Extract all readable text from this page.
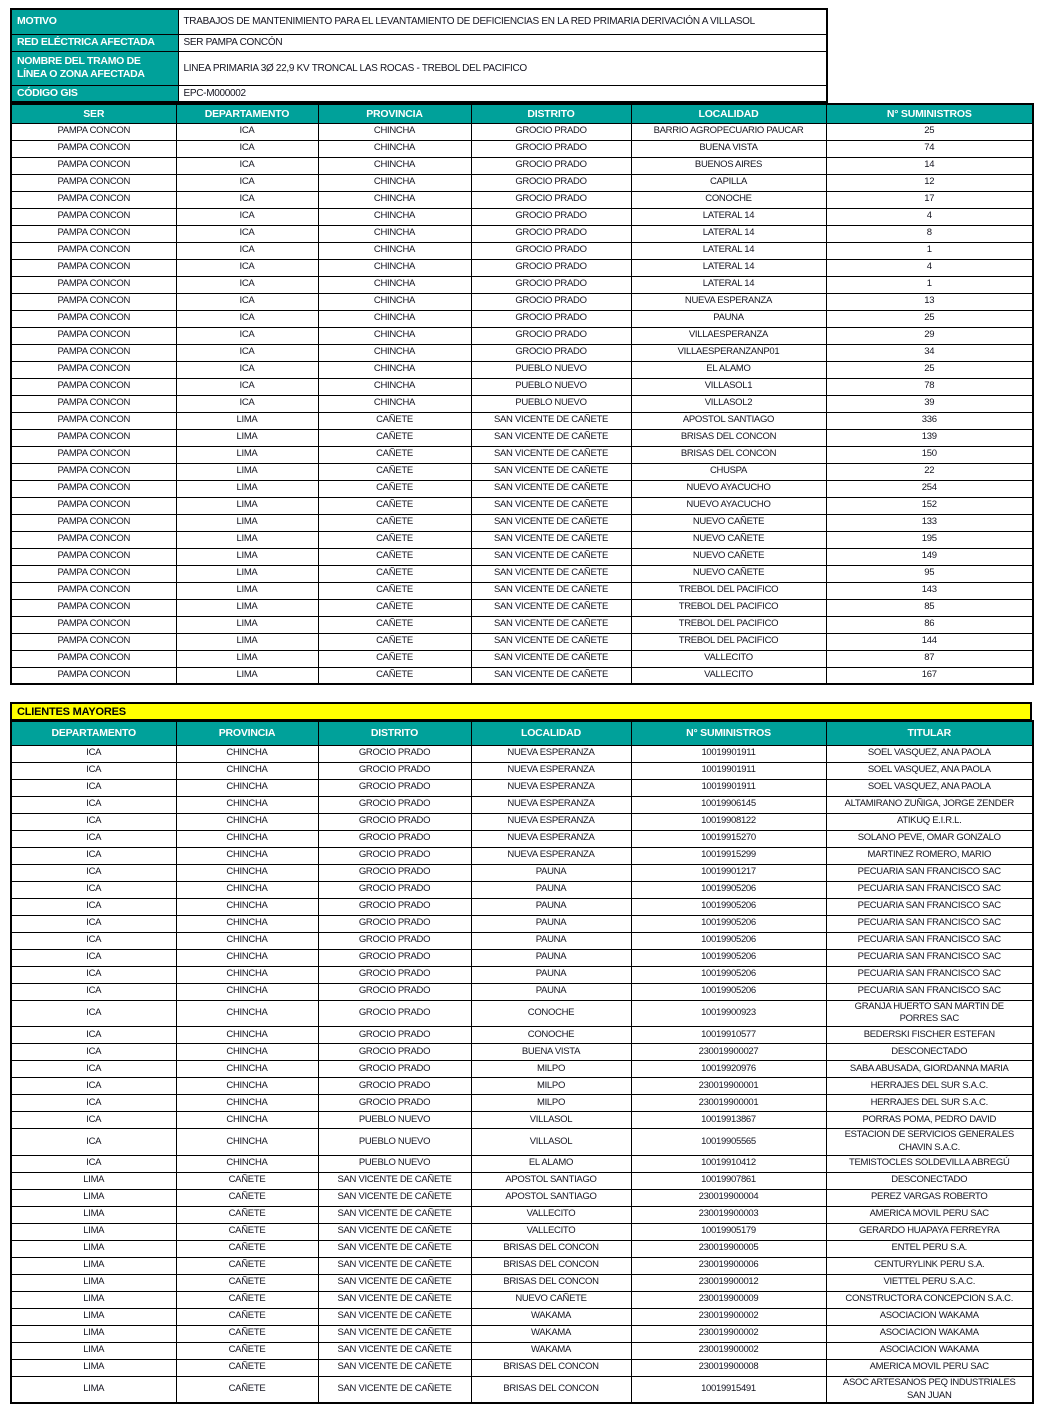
MOTIVO	TRABAJOS DE MANTENIMIENTO PARA EL LEVANTAMIENTO DE DEFICIENCIAS EN LA RED PRIMARIA DERIVACIÓN A VILLASOL
RED ELÉCTRICA AFECTADA	SER PAMPA CONCÓN
NOMBRE DEL TRAMO DE LÍNEA O ZONA AFECTADA	LINEA PRIMARIA 3Ø 22,9 KV TRONCAL LAS ROCAS - TREBOL DEL PACIFICO
CÓDIGO GIS	EPC-M000002
SER	DEPARTAMENTO	PROVINCIA	DISTRITO	LOCALIDAD	N° SUMINISTROS
PAMPA CONCON	ICA	CHINCHA	GROCIO PRADO	BARRIO AGROPECUARIO PAUCAR	25
PAMPA CONCON	ICA	CHINCHA	GROCIO PRADO	BUENA VISTA	74
PAMPA CONCON	ICA	CHINCHA	GROCIO PRADO	BUENOS AIRES	14
PAMPA CONCON	ICA	CHINCHA	GROCIO PRADO	CAPILLA	12
PAMPA CONCON	ICA	CHINCHA	GROCIO PRADO	CONOCHE	17
PAMPA CONCON	ICA	CHINCHA	GROCIO PRADO	LATERAL 14	4
PAMPA CONCON	ICA	CHINCHA	GROCIO PRADO	LATERAL 14	8
PAMPA CONCON	ICA	CHINCHA	GROCIO PRADO	LATERAL 14	1
PAMPA CONCON	ICA	CHINCHA	GROCIO PRADO	LATERAL 14	4
PAMPA CONCON	ICA	CHINCHA	GROCIO PRADO	LATERAL 14	1
PAMPA CONCON	ICA	CHINCHA	GROCIO PRADO	NUEVA ESPERANZA	13
PAMPA CONCON	ICA	CHINCHA	GROCIO PRADO	PAUNA	25
PAMPA CONCON	ICA	CHINCHA	GROCIO PRADO	VILLAESPERANZA	29
PAMPA CONCON	ICA	CHINCHA	GROCIO PRADO	VILLAESPERANZANP01	34
PAMPA CONCON	ICA	CHINCHA	PUEBLO NUEVO	EL ALAMO	25
PAMPA CONCON	ICA	CHINCHA	PUEBLO NUEVO	VILLASOL1	78
PAMPA CONCON	ICA	CHINCHA	PUEBLO NUEVO	VILLASOL2	39
PAMPA CONCON	LIMA	CAÑETE	SAN VICENTE DE CAÑETE	APOSTOL SANTIAGO	336
PAMPA CONCON	LIMA	CAÑETE	SAN VICENTE DE CAÑETE	BRISAS DEL CONCON	139
PAMPA CONCON	LIMA	CAÑETE	SAN VICENTE DE CAÑETE	BRISAS DEL CONCON	150
PAMPA CONCON	LIMA	CAÑETE	SAN VICENTE DE CAÑETE	CHUSPA	22
PAMPA CONCON	LIMA	CAÑETE	SAN VICENTE DE CAÑETE	NUEVO AYACUCHO	254
PAMPA CONCON	LIMA	CAÑETE	SAN VICENTE DE CAÑETE	NUEVO AYACUCHO	152
PAMPA CONCON	LIMA	CAÑETE	SAN VICENTE DE CAÑETE	NUEVO CAÑETE	133
PAMPA CONCON	LIMA	CAÑETE	SAN VICENTE DE CAÑETE	NUEVO CAÑETE	195
PAMPA CONCON	LIMA	CAÑETE	SAN VICENTE DE CAÑETE	NUEVO CAÑETE	149
PAMPA CONCON	LIMA	CAÑETE	SAN VICENTE DE CAÑETE	NUEVO CAÑETE	95
PAMPA CONCON	LIMA	CAÑETE	SAN VICENTE DE CAÑETE	TREBOL DEL PACIFICO	143
PAMPA CONCON	LIMA	CAÑETE	SAN VICENTE DE CAÑETE	TREBOL DEL PACIFICO	85
PAMPA CONCON	LIMA	CAÑETE	SAN VICENTE DE CAÑETE	TREBOL DEL PACIFICO	86
PAMPA CONCON	LIMA	CAÑETE	SAN VICENTE DE CAÑETE	TREBOL DEL PACIFICO	144
PAMPA CONCON	LIMA	CAÑETE	SAN VICENTE DE CAÑETE	VALLECITO	87
PAMPA CONCON	LIMA	CAÑETE	SAN VICENTE DE CAÑETE	VALLECITO	167
CLIENTES MAYORES
DEPARTAMENTO	PROVINCIA	DISTRITO	LOCALIDAD	N° SUMINISTROS	TITULAR
ICA	CHINCHA	GROCIO PRADO	NUEVA ESPERANZA	10019901911	SOEL VASQUEZ, ANA PAOLA
ICA	CHINCHA	GROCIO PRADO	NUEVA ESPERANZA	10019901911	SOEL VASQUEZ, ANA PAOLA
ICA	CHINCHA	GROCIO PRADO	NUEVA ESPERANZA	10019901911	SOEL VASQUEZ, ANA PAOLA
ICA	CHINCHA	GROCIO PRADO	NUEVA ESPERANZA	10019906145	ALTAMIRANO ZUÑIGA, JORGE ZENDER
ICA	CHINCHA	GROCIO PRADO	NUEVA ESPERANZA	10019908122	ATIKUQ E.I.R.L.
ICA	CHINCHA	GROCIO PRADO	NUEVA ESPERANZA	10019915270	SOLANO PEVE, OMAR GONZALO
ICA	CHINCHA	GROCIO PRADO	NUEVA ESPERANZA	10019915299	MARTINEZ ROMERO, MARIO
ICA	CHINCHA	GROCIO PRADO	PAUNA	10019901217	PECUARIA SAN FRANCISCO SAC
ICA	CHINCHA	GROCIO PRADO	PAUNA	10019905206	PECUARIA SAN FRANCISCO SAC
ICA	CHINCHA	GROCIO PRADO	PAUNA	10019905206	PECUARIA SAN FRANCISCO SAC
ICA	CHINCHA	GROCIO PRADO	PAUNA	10019905206	PECUARIA SAN FRANCISCO SAC
ICA	CHINCHA	GROCIO PRADO	PAUNA	10019905206	PECUARIA SAN FRANCISCO SAC
ICA	CHINCHA	GROCIO PRADO	PAUNA	10019905206	PECUARIA SAN FRANCISCO SAC
ICA	CHINCHA	GROCIO PRADO	PAUNA	10019905206	PECUARIA SAN FRANCISCO SAC
ICA	CHINCHA	GROCIO PRADO	PAUNA	10019905206	PECUARIA SAN FRANCISCO SAC
ICA	CHINCHA	GROCIO PRADO	CONOCHE	10019900923	GRANJA HUERTO SAN MARTIN DE PORRES SAC
ICA	CHINCHA	GROCIO PRADO	CONOCHE	10019910577	BEDERSKI FISCHER ESTEFAN
ICA	CHINCHA	GROCIO PRADO	BUENA VISTA	230019900027	DESCONECTADO
ICA	CHINCHA	GROCIO PRADO	MILPO	10019920976	SABA ABUSADA, GIORDANNA MARIA
ICA	CHINCHA	GROCIO PRADO	MILPO	230019900001	HERRAJES DEL SUR S.A.C.
ICA	CHINCHA	GROCIO PRADO	MILPO	230019900001	HERRAJES DEL SUR S.A.C.
ICA	CHINCHA	PUEBLO NUEVO	VILLASOL	10019913867	PORRAS POMA, PEDRO DAVID
ICA	CHINCHA	PUEBLO NUEVO	VILLASOL	10019905565	ESTACION DE SERVICIOS GENERALES CHAVIN S.A.C.
ICA	CHINCHA	PUEBLO NUEVO	EL ALAMO	10019910412	TEMISTOCLES SOLDEVILLA ABREGÚ
LIMA	CAÑETE	SAN VICENTE DE CAÑETE	APOSTOL SANTIAGO	10019907861	DESCONECTADO
LIMA	CAÑETE	SAN VICENTE DE CAÑETE	APOSTOL SANTIAGO	230019900004	PEREZ VARGAS ROBERTO
LIMA	CAÑETE	SAN VICENTE DE CAÑETE	VALLECITO	230019900003	AMERICA MOVIL PERU SAC
LIMA	CAÑETE	SAN VICENTE DE CAÑETE	VALLECITO	10019905179	GERARDO HUAPAYA FERREYRA
LIMA	CAÑETE	SAN VICENTE DE CAÑETE	BRISAS DEL CONCON	230019900005	ENTEL PERU S.A.
LIMA	CAÑETE	SAN VICENTE DE CAÑETE	BRISAS DEL CONCON	230019900006	CENTURYLINK PERU S.A.
LIMA	CAÑETE	SAN VICENTE DE CAÑETE	BRISAS DEL CONCON	230019900012	VIETTEL PERU S.A.C.
LIMA	CAÑETE	SAN VICENTE DE CAÑETE	NUEVO CAÑETE	230019900009	CONSTRUCTORA CONCEPCION S.A.C.
LIMA	CAÑETE	SAN VICENTE DE CAÑETE	WAKAMA	230019900002	ASOCIACION WAKAMA
LIMA	CAÑETE	SAN VICENTE DE CAÑETE	WAKAMA	230019900002	ASOCIACION WAKAMA
LIMA	CAÑETE	SAN VICENTE DE CAÑETE	WAKAMA	230019900002	ASOCIACION WAKAMA
LIMA	CAÑETE	SAN VICENTE DE CAÑETE	BRISAS DEL CONCON	230019900008	AMERICA MOVIL PERU SAC
LIMA	CAÑETE	SAN VICENTE DE CAÑETE	BRISAS DEL CONCON	10019915491	ASOC ARTESANOS PEQ INDUSTRIALES SAN JUAN
